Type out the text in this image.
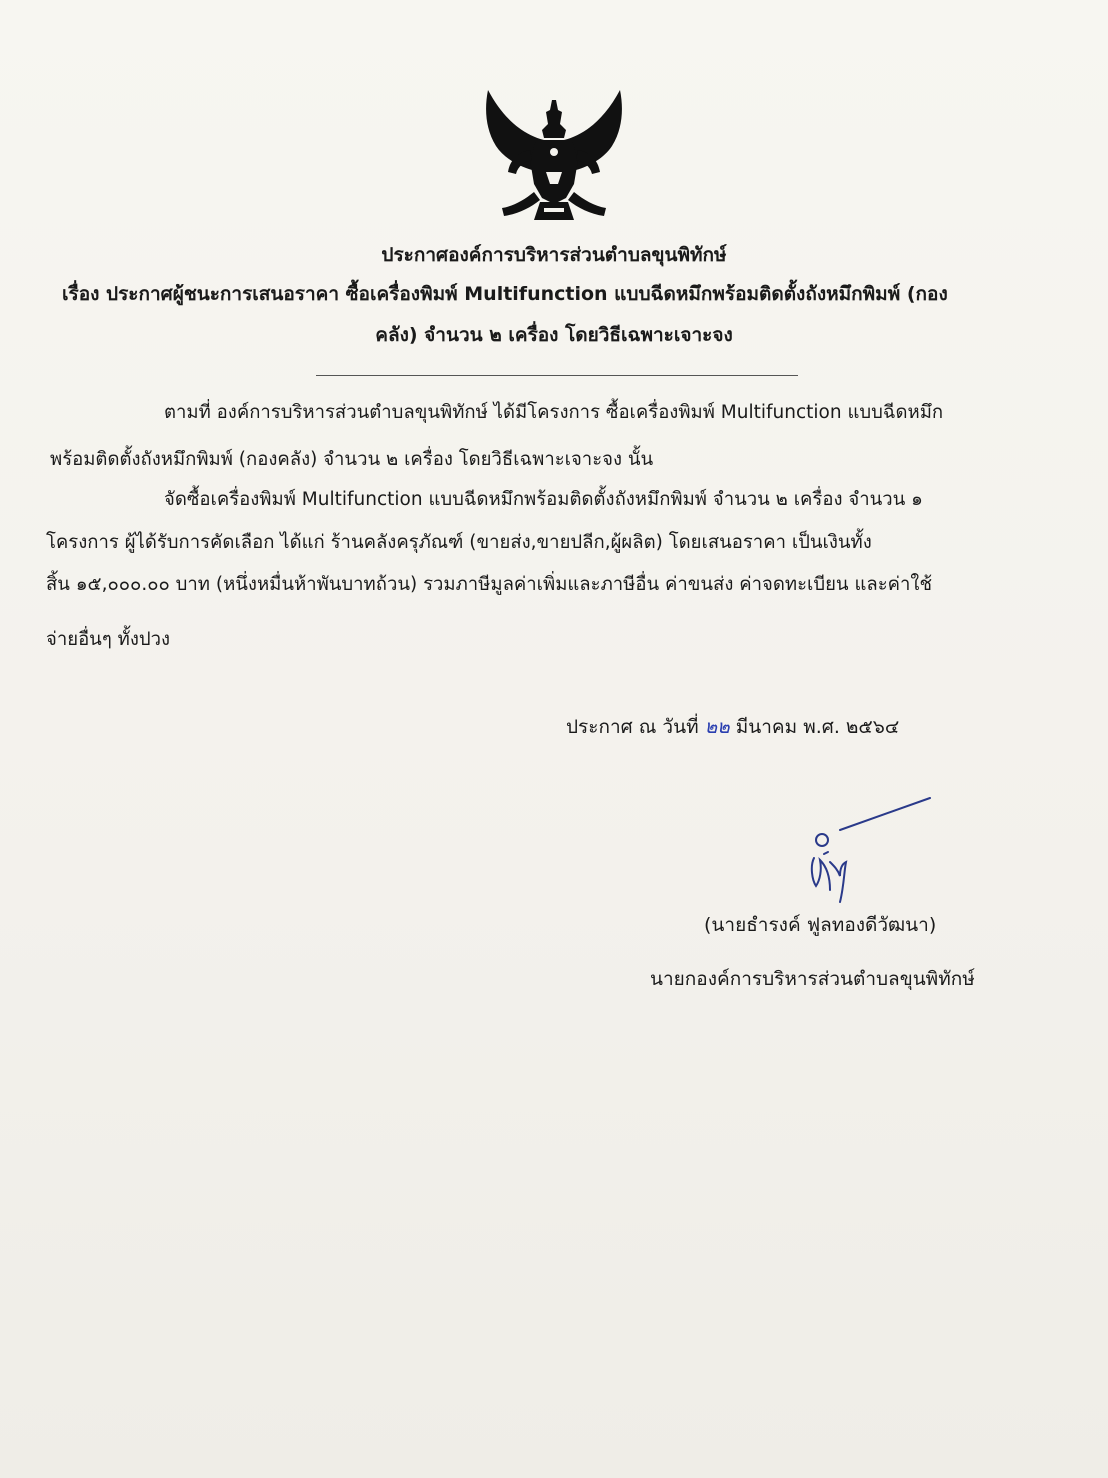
ประกาศองค์การบริหารส่วนตำบลขุนพิทักษ์
เรื่อง ประกาศผู้ชนะการเสนอราคา ซื้อเครื่องพิมพ์ Multifunction แบบฉีดหมึกพร้อมติดตั้งถังหมึกพิมพ์ (กอง
คลัง) จำนวน ๒ เครื่อง โดยวิธีเฉพาะเจาะจง
ตามที่ องค์การบริหารส่วนตำบลขุนพิทักษ์ ได้มีโครงการ ซื้อเครื่องพิมพ์ Multifunction แบบฉีดหมึก
พร้อมติดตั้งถังหมึกพิมพ์ (กองคลัง) จำนวน ๒ เครื่อง โดยวิธีเฉพาะเจาะจง นั้น
จัดซื้อเครื่องพิมพ์ Multifunction แบบฉีดหมึกพร้อมติดตั้งถังหมึกพิมพ์ จำนวน ๒ เครื่อง จำนวน ๑
โครงการ ผู้ได้รับการคัดเลือก ได้แก่ ร้านคลังครุภัณฑ์ (ขายส่ง,ขายปลีก,ผู้ผลิต) โดยเสนอราคา เป็นเงินทั้ง
สิ้น ๑๕,๐๐๐.๐๐ บาท (หนึ่งหมื่นห้าพันบาทถ้วน) รวมภาษีมูลค่าเพิ่มและภาษีอื่น ค่าขนส่ง ค่าจดทะเบียน และค่าใช้
จ่ายอื่นๆ ทั้งปวง
ประกาศ ณ วันที่ ๒๒ มีนาคม พ.ศ. ๒๕๖๔
(นายธำรงค์ ฟูลทองดีวัฒนา)
นายกองค์การบริหารส่วนตำบลขุนพิทักษ์
